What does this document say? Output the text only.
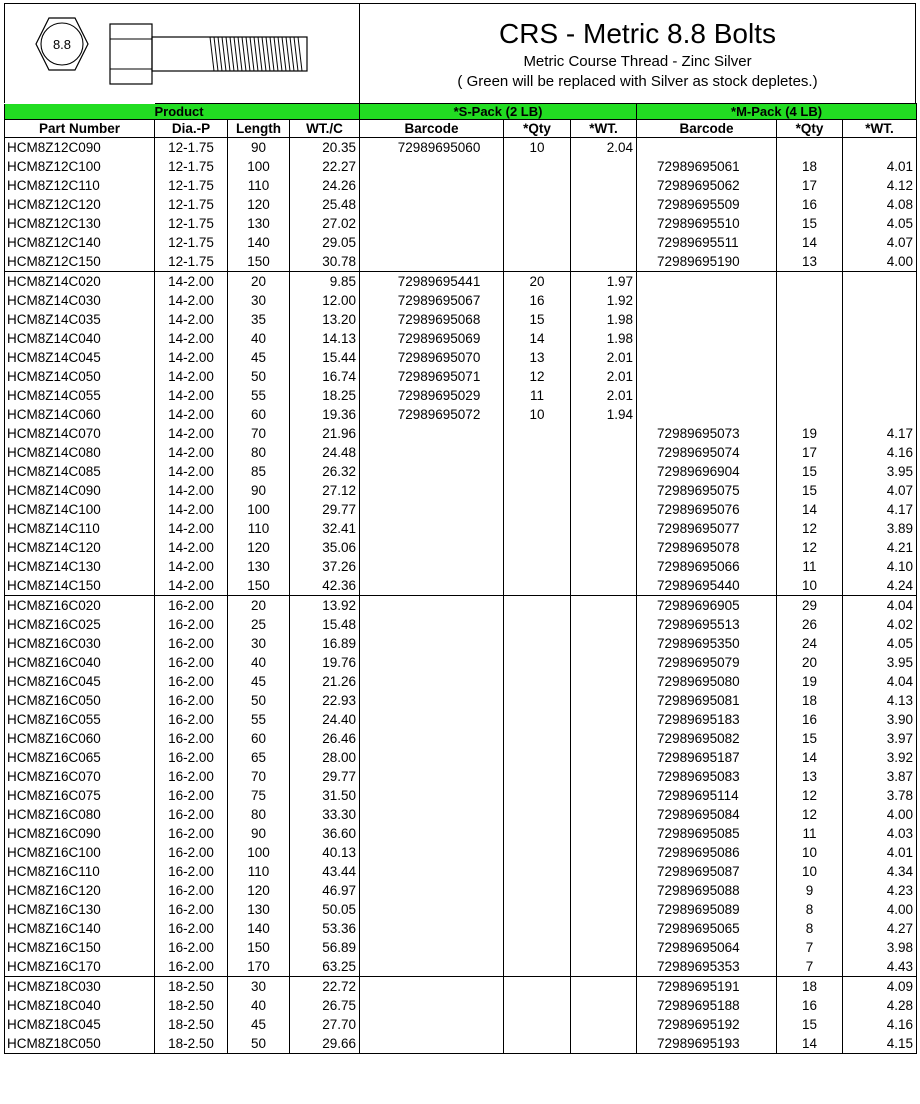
8.8	CRS - Metric 8.8 Bolts
Metric Course Thread - Zinc Silver
( Green will be replaced with Silver as stock depletes.)
	Product			*S-Pack (2 LB)			*M-Pack (4 LB)		
Part Number	Dia.-P	Length	WT./C	Barcode	*Qty	*WT.	Barcode	*Qty	*WT.
HCM8Z12C090	12-1.75	90	20.35	72989695060	10	2.04			
HCM8Z12C100	12-1.75	100	22.27				72989695061	18	4.01
HCM8Z12C110	12-1.75	110	24.26				72989695062	17	4.12
HCM8Z12C120	12-1.75	120	25.48				72989695509	16	4.08
HCM8Z12C130	12-1.75	130	27.02				72989695510	15	4.05
HCM8Z12C140	12-1.75	140	29.05				72989695511	14	4.07
HCM8Z12C150	12-1.75	150	30.78				72989695190	13	4.00
HCM8Z14C020	14-2.00	20	9.85	72989695441	20	1.97			
HCM8Z14C030	14-2.00	30	12.00	72989695067	16	1.92			
HCM8Z14C035	14-2.00	35	13.20	72989695068	15	1.98			
HCM8Z14C040	14-2.00	40	14.13	72989695069	14	1.98			
HCM8Z14C045	14-2.00	45	15.44	72989695070	13	2.01			
HCM8Z14C050	14-2.00	50	16.74	72989695071	12	2.01			
HCM8Z14C055	14-2.00	55	18.25	72989695029	11	2.01			
HCM8Z14C060	14-2.00	60	19.36	72989695072	10	1.94			
HCM8Z14C070	14-2.00	70	21.96				72989695073	19	4.17
HCM8Z14C080	14-2.00	80	24.48				72989695074	17	4.16
HCM8Z14C085	14-2.00	85	26.32				72989696904	15	3.95
HCM8Z14C090	14-2.00	90	27.12				72989695075	15	4.07
HCM8Z14C100	14-2.00	100	29.77				72989695076	14	4.17
HCM8Z14C110	14-2.00	110	32.41				72989695077	12	3.89
HCM8Z14C120	14-2.00	120	35.06				72989695078	12	4.21
HCM8Z14C130	14-2.00	130	37.26				72989695066	11	4.10
HCM8Z14C150	14-2.00	150	42.36				72989695440	10	4.24
HCM8Z16C020	16-2.00	20	13.92				72989696905	29	4.04
HCM8Z16C025	16-2.00	25	15.48				72989695513	26	4.02
HCM8Z16C030	16-2.00	30	16.89				72989695350	24	4.05
HCM8Z16C040	16-2.00	40	19.76				72989695079	20	3.95
HCM8Z16C045	16-2.00	45	21.26				72989695080	19	4.04
HCM8Z16C050	16-2.00	50	22.93				72989695081	18	4.13
HCM8Z16C055	16-2.00	55	24.40				72989695183	16	3.90
HCM8Z16C060	16-2.00	60	26.46				72989695082	15	3.97
HCM8Z16C065	16-2.00	65	28.00				72989695187	14	3.92
HCM8Z16C070	16-2.00	70	29.77				72989695083	13	3.87
HCM8Z16C075	16-2.00	75	31.50				72989695114	12	3.78
HCM8Z16C080	16-2.00	80	33.30				72989695084	12	4.00
HCM8Z16C090	16-2.00	90	36.60				72989695085	11	4.03
HCM8Z16C100	16-2.00	100	40.13				72989695086	10	4.01
HCM8Z16C110	16-2.00	110	43.44				72989695087	10	4.34
HCM8Z16C120	16-2.00	120	46.97				72989695088	9	4.23
HCM8Z16C130	16-2.00	130	50.05				72989695089	8	4.00
HCM8Z16C140	16-2.00	140	53.36				72989695065	8	4.27
HCM8Z16C150	16-2.00	150	56.89				72989695064	7	3.98
HCM8Z16C170	16-2.00	170	63.25				72989695353	7	4.43
HCM8Z18C030	18-2.50	30	22.72				72989695191	18	4.09
HCM8Z18C040	18-2.50	40	26.75				72989695188	16	4.28
HCM8Z18C045	18-2.50	45	27.70				72989695192	15	4.16
HCM8Z18C050	18-2.50	50	29.66				72989695193	14	4.15
